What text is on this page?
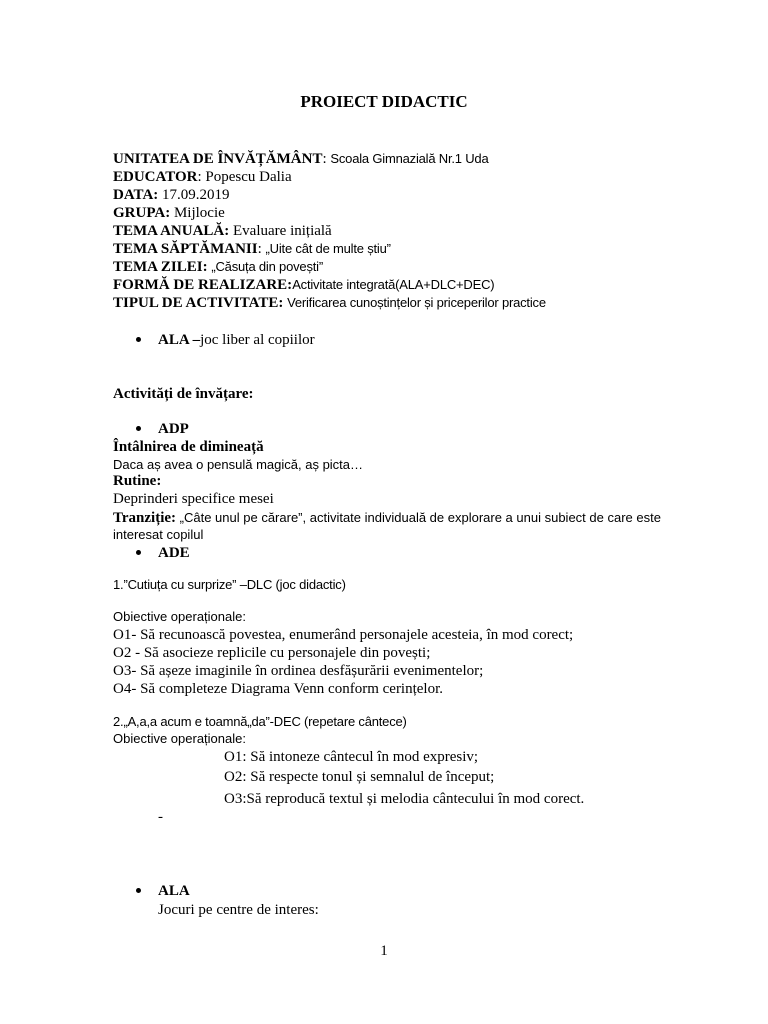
PROIECT DIDACTIC
UNITATEA DE ÎNVĂȚĂMÂNT: Scoala Gimnazială Nr.1 Uda
EDUCATOR: Popescu Dalia
DATA: 17.09.2019
GRUPA: Mijlocie
TEMA ANUALĂ: Evaluare inițială
TEMA SĂPTĂMANII: „Uite cât de multe știu”
TEMA ZILEI: „Căsuța din povești”
FORMĂ DE REALIZARE:Activitate integrată(ALA+DLC+DEC)
TIPUL DE ACTIVITATE: Verificarea cunoștințelor și priceperilor practice
ALA –joc liber al copiilor
Activități de învățare:
ADP
Întâlnirea de dimineață
Daca aș avea o pensulă magică, aș picta…
Rutine:
Deprinderi specifice mesei
Tranziție: „Câte unul pe cărare”, activitate individuală de explorare a unui subiect de care este
interesat copilul
ADE
1.”Cutiuța cu surprize” –DLC (joc didactic)
Obiective operaționale:
O1- Să recunoască povestea, enumerând personajele acesteia, în mod corect;
O2 - Să asocieze replicile cu personajele din povești;
O3- Să așeze imaginile în ordinea desfășurării evenimentelor;
O4- Să completeze Diagrama Venn conform cerințelor.
2.„A,a,a acum e toamnă„da”-DEC (repetare cântece)
Obiective operaționale:
O1: Să intoneze cântecul în mod expresiv;
O2: Să respecte tonul și semnalul de început;
O3:Să reproducă textul și melodia cântecului în mod corect.
-
ALA
Jocuri pe centre de interes:
1
